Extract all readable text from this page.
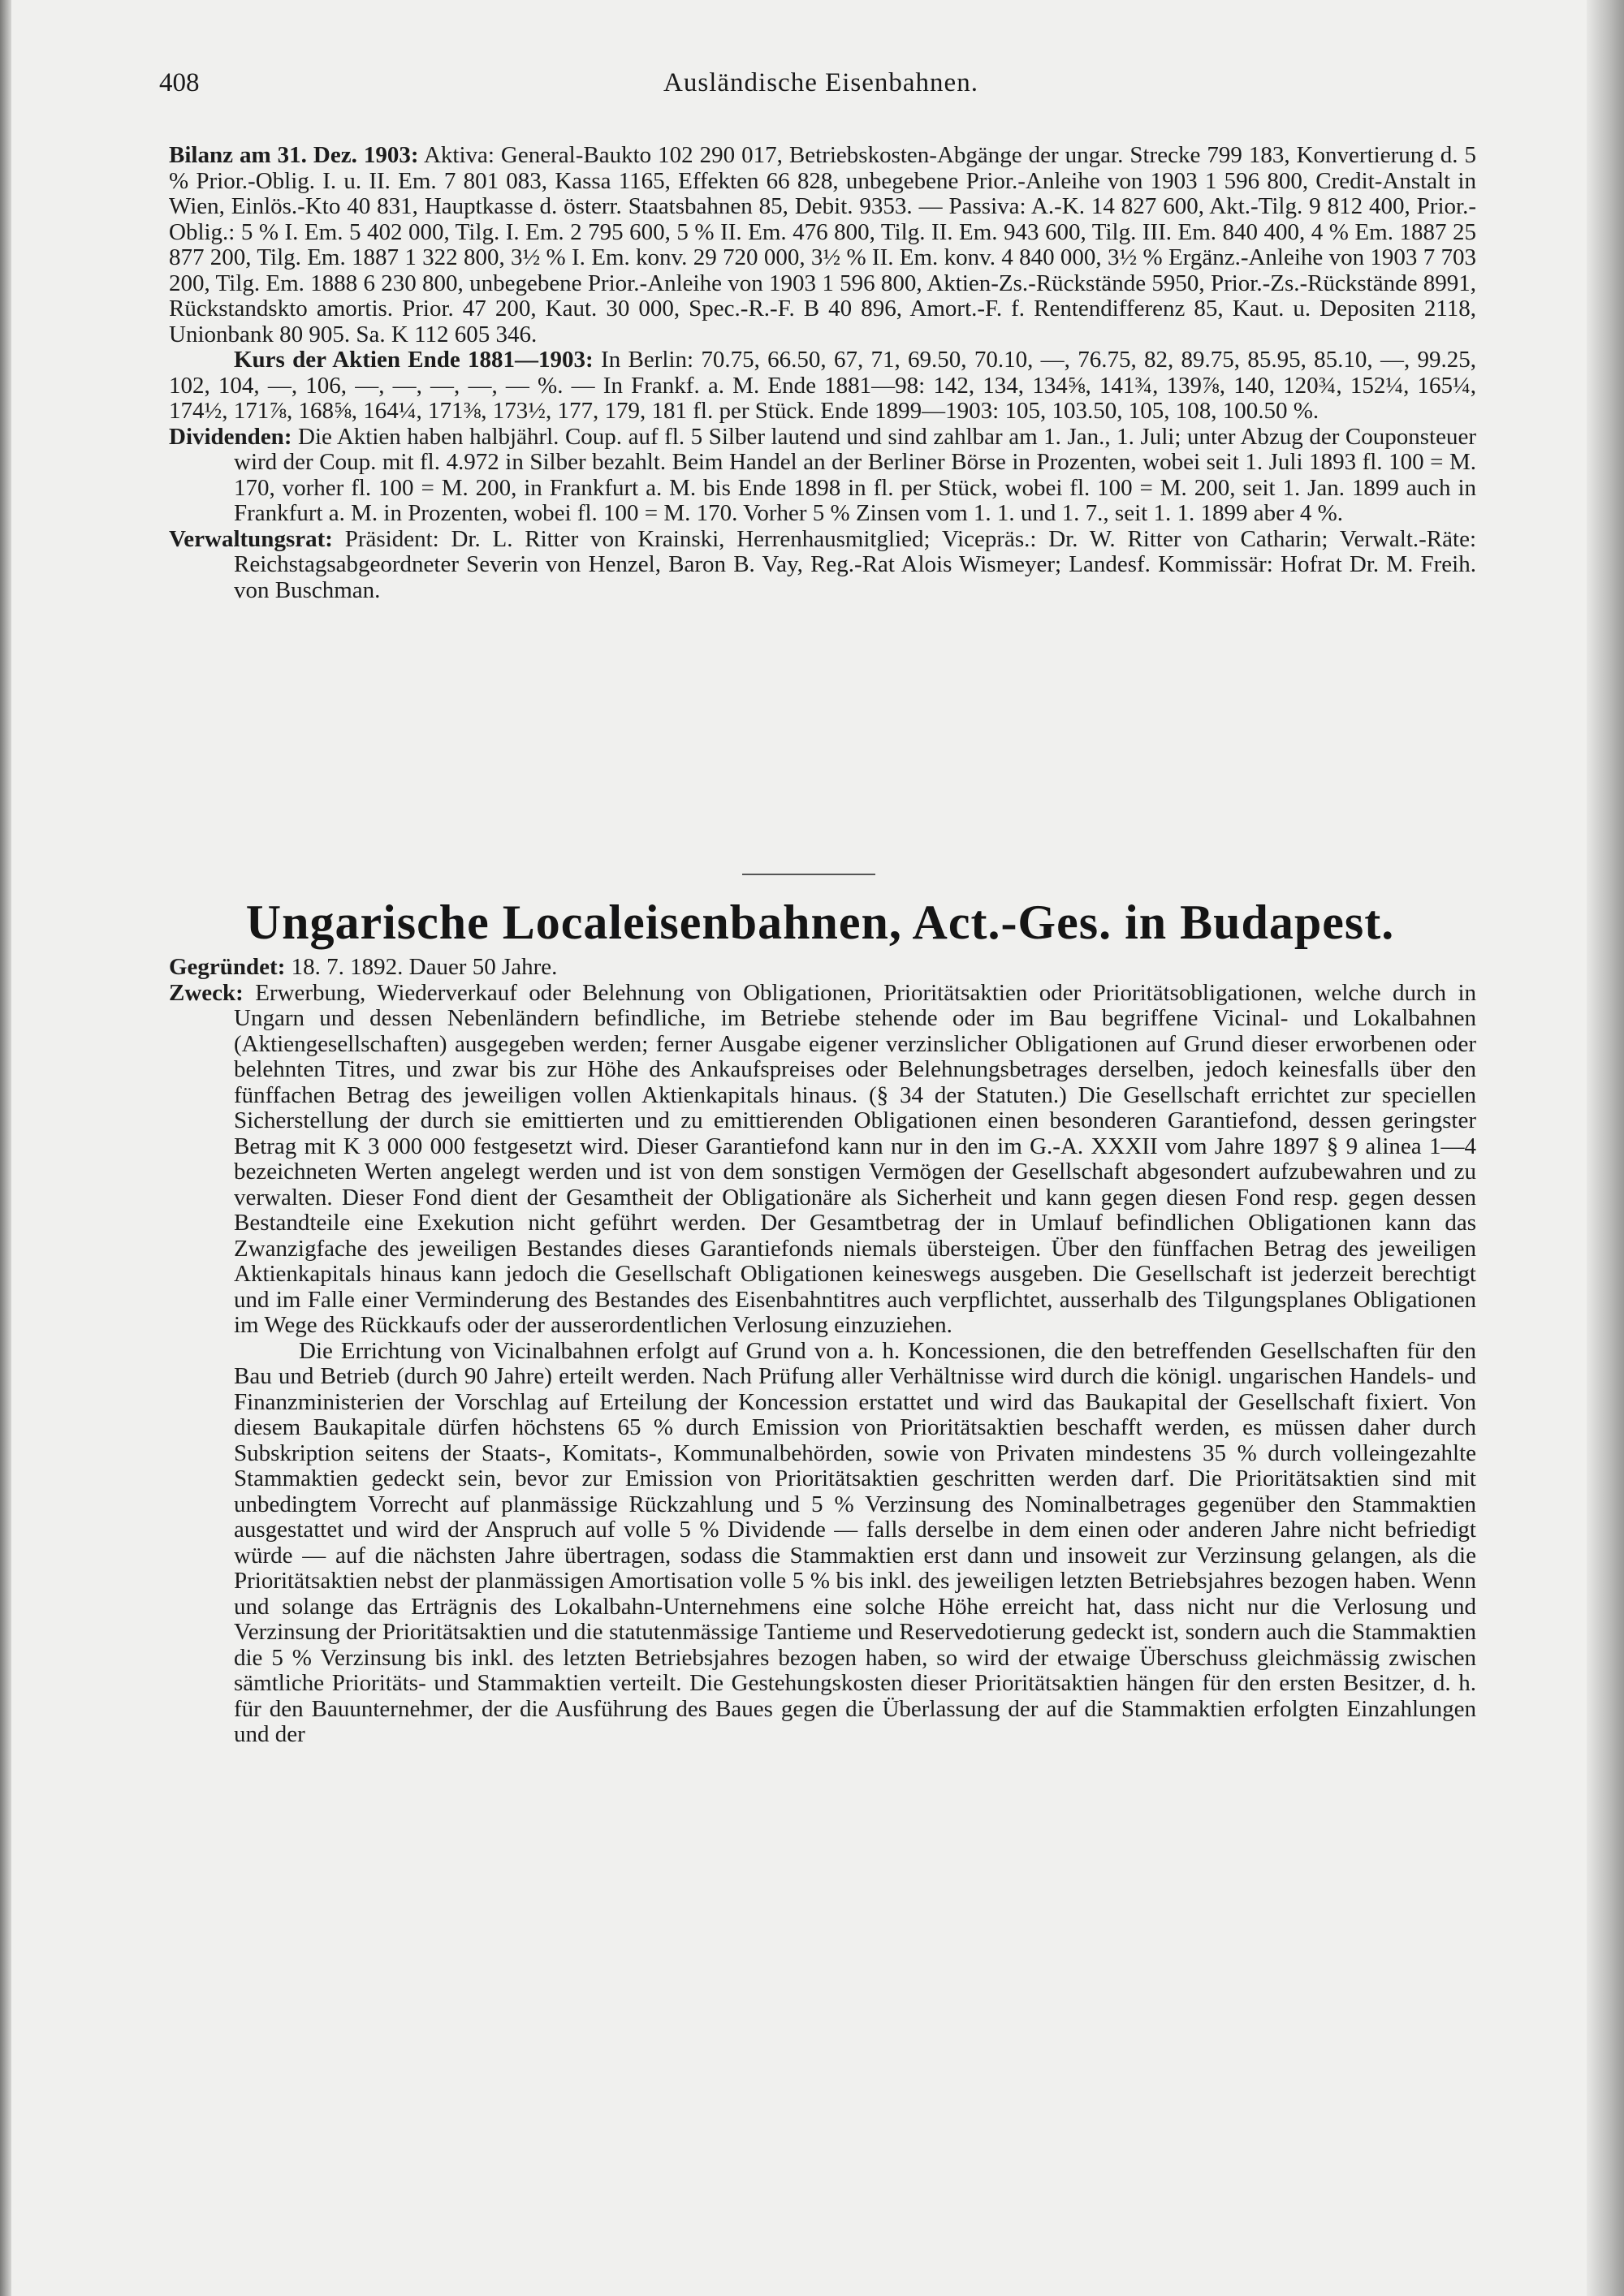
408	Ausländische Eisenbahnen.

Bilanz am 31. Dez. 1903: Aktiva: General-Baukto 102 290 017, Betriebskosten-Abgänge der ungar. Strecke 799 183, Konvertierung d. 5 % Prior.-Oblig. I. u. II. Em. 7 801 083, Kassa 1165, Effekten 66 828, unbegebene Prior.-Anleihe von 1903 1 596 800, Credit-Anstalt in Wien, Einlös.-Kto 40 831, Hauptkasse d. österr. Staatsbahnen 85, Debit. 9353. — Passiva: A.-K. 14 827 600, Akt.-Tilg. 9 812 400, Prior.-Oblig.: 5 % I. Em. 5 402 000, Tilg. I. Em. 2 795 600, 5 % II. Em. 476 800, Tilg. II. Em. 943 600, Tilg. III. Em. 840 400, 4 % Em. 1887 25 877 200, Tilg. Em. 1887 1 322 800, 3½ % I. Em. konv. 29 720 000, 3½ % II. Em. konv. 4 840 000, 3½ % Ergänz.-Anleihe von 1903 7 703 200, Tilg. Em. 1888 6 230 800, unbegebene Prior.-Anleihe von 1903 1 596 800, Aktien-Zs.-Rückstände 5950, Prior.-Zs.-Rückstände 8991, Rückstandskto amortis. Prior. 47 200, Kaut. 30 000, Spec.-R.-F. B 40 896, Amort.-F. f. Rentendifferenz 85, Kaut. u. Depositen 2118, Unionbank 80 905. Sa. K 112 605 346.

Kurs der Aktien Ende 1881—1903: In Berlin: 70.75, 66.50, 67, 71, 69.50, 70.10, —, 76.75, 82, 89.75, 85.95, 85.10, —, 99.25, 102, 104, —, 106, —, —, —, —, — %. — In Frankf. a. M. Ende 1881—98: 142, 134, 134⅝, 141¾, 139⅞, 140, 120¾, 152¼, 165¼, 174½, 171⅞, 168⅝, 164¼, 171⅜, 173½, 177, 179, 181 fl. per Stück. Ende 1899—1903: 105, 103.50, 105, 108, 100.50 %.

Dividenden: Die Aktien haben halbjährl. Coup. auf fl. 5 Silber lautend und sind zahlbar am 1. Jan., 1. Juli; unter Abzug der Couponsteuer wird der Coup. mit fl. 4.972 in Silber bezahlt. Beim Handel an der Berliner Börse in Prozenten, wobei seit 1. Juli 1893 fl. 100 = M. 170, vorher fl. 100 = M. 200, in Frankfurt a. M. bis Ende 1898 in fl. per Stück, wobei fl. 100 = M. 200, seit 1. Jan. 1899 auch in Frankfurt a. M. in Prozenten, wobei fl. 100 = M. 170. Vorher 5 % Zinsen vom 1. 1. und 1. 7., seit 1. 1. 1899 aber 4 %.

Verwaltungsrat: Präsident: Dr. L. Ritter von Krainski, Herrenhausmitglied; Vicepräs.: Dr. W. Ritter von Catharin; Verwalt.-Räte: Reichstagsabgeordneter Severin von Henzel, Baron B. Vay, Reg.-Rat Alois Wismeyer; Landesf. Kommissär: Hofrat Dr. M. Freih. von Buschman.

Ungarische Localeisenbahnen, Act.-Ges. in Budapest.

Gegründet: 18. 7. 1892. Dauer 50 Jahre.

Zweck: Erwerbung, Wiederverkauf oder Belehnung von Obligationen, Prioritätsaktien oder Prioritätsobligationen, welche durch in Ungarn und dessen Nebenländern befindliche, im Betriebe stehende oder im Bau begriffene Vicinal- und Lokalbahnen (Aktiengesellschaften) ausgegeben werden; ferner Ausgabe eigener verzinslicher Obligationen auf Grund dieser erworbenen oder belehnten Titres, und zwar bis zur Höhe des Ankaufspreises oder Belehnungsbetrages derselben, jedoch keinesfalls über den fünffachen Betrag des jeweiligen vollen Aktienkapitals hinaus. (§ 34 der Statuten.) Die Gesellschaft errichtet zur speciellen Sicherstellung der durch sie emittierten und zu emittierenden Obligationen einen besonderen Garantiefond, dessen geringster Betrag mit K 3 000 000 festgesetzt wird. Dieser Garantiefond kann nur in den im G.-A. XXXII vom Jahre 1897 § 9 alinea 1—4 bezeichneten Werten angelegt werden und ist von dem sonstigen Vermögen der Gesellschaft abgesondert aufzubewahren und zu verwalten. Dieser Fond dient der Gesamtheit der Obligationäre als Sicherheit und kann gegen diesen Fond resp. gegen dessen Bestandteile eine Exekution nicht geführt werden. Der Gesamtbetrag der in Umlauf befindlichen Obligationen kann das Zwanzigfache des jeweiligen Bestandes dieses Garantiefonds niemals übersteigen. Über den fünffachen Betrag des jeweiligen Aktienkapitals hinaus kann jedoch die Gesellschaft Obligationen keineswegs ausgeben. Die Gesellschaft ist jederzeit berechtigt und im Falle einer Verminderung des Bestandes des Eisenbahntitres auch verpflichtet, ausserhalb des Tilgungsplanes Obligationen im Wege des Rückkaufs oder der ausserordentlichen Verlosung einzuziehen.

Die Errichtung von Vicinalbahnen erfolgt auf Grund von a. h. Koncessionen, die den betreffenden Gesellschaften für den Bau und Betrieb (durch 90 Jahre) erteilt werden. Nach Prüfung aller Verhältnisse wird durch die königl. ungarischen Handels- und Finanzministerien der Vorschlag auf Erteilung der Koncession erstattet und wird das Baukapital der Gesellschaft fixiert. Von diesem Baukapitale dürfen höchstens 65 % durch Emission von Prioritätsaktien beschafft werden, es müssen daher durch Subskription seitens der Staats-, Komitats-, Kommunalbehörden, sowie von Privaten mindestens 35 % durch volleingezahlte Stammaktien gedeckt sein, bevor zur Emission von Prioritätsaktien geschritten werden darf. Die Prioritätsaktien sind mit unbedingtem Vorrecht auf planmässige Rückzahlung und 5 % Verzinsung des Nominalbetrages gegenüber den Stammaktien ausgestattet und wird der Anspruch auf volle 5 % Dividende — falls derselbe in dem einen oder anderen Jahre nicht befriedigt würde — auf die nächsten Jahre übertragen, sodass die Stammaktien erst dann und insoweit zur Verzinsung gelangen, als die Prioritätsaktien nebst der planmässigen Amortisation volle 5 % bis inkl. des jeweiligen letzten Betriebsjahres bezogen haben. Wenn und solange das Erträgnis des Lokalbahn-Unternehmens eine solche Höhe erreicht hat, dass nicht nur die Verlosung und Verzinsung der Prioritätsaktien und die statutenmässige Tantieme und Reservedotierung gedeckt ist, sondern auch die Stammaktien die 5 % Verzinsung bis inkl. des letzten Betriebsjahres bezogen haben, so wird der etwaige Überschuss gleichmässig zwischen sämtliche Prioritäts- und Stammaktien verteilt. Die Gestehungskosten dieser Prioritätsaktien hängen für den ersten Besitzer, d. h. für den Bauunternehmer, der die Ausführung des Baues gegen die Überlassung der auf die Stammaktien erfolgten Einzahlungen und der
